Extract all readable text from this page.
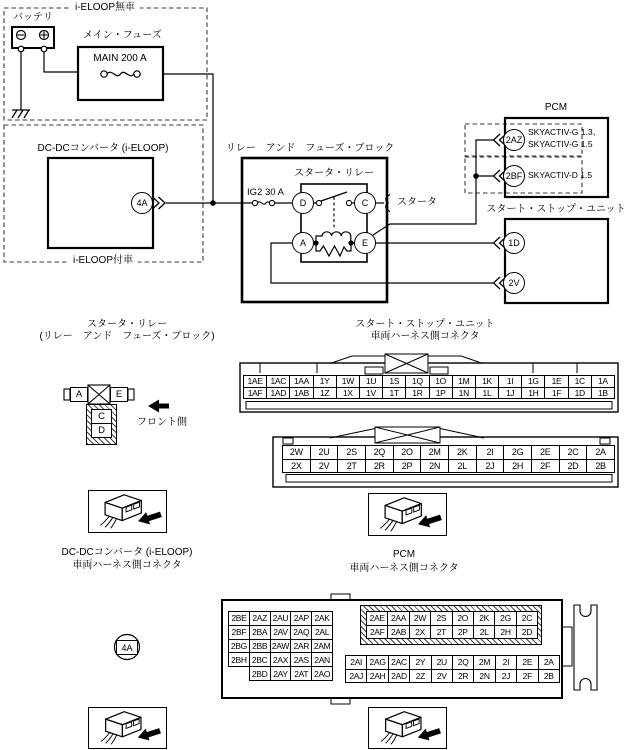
i-ELOOP無車
バッテリ
メイン・フューズ
MAIN 200 A
DC-DCコンバータ (i-ELOOP)
i-ELOOP付車
リレー　アンド　フューズ・ブロック
スタータ・リレー
IG2 30 A
スタータ
PCM
SKYACTIV-G 1.3、
SKYACTIV-G 1.5
SKYACTIV-D 1.5
スタート・ストップ・ユニット
4A	D	C
A	E
2AZ
2BF
1D
2V
スタータ・リレー
(リレー　アンド　フューズ・ブロック)
スタート・ストップ・ユニット
車両ハーネス側コネクタ
A	E
C
D
フロント側
1AE 1AC 1AA	1Y	1W	1U	1S	1Q	1O	1M	1K	1I	1G	1E	1C	1A
1AF 1AD 1AB	1Z	1X	1V	1T	1R	1P	1N	1L	1J	1H	1F	1D	1B
2W	2U	2S	2Q	2O	2M	2K	2I	2G	2E	2C	2A
2X	2V	2T	2R	2P	2N	2L	2J	2H	2F	2D	2B
DC-DCコンバータ (i-ELOOP)
車両ハーネス側コネクタ
PCM
車両ハーネス側コネクタ
4A
2BE 2AZ 2AU 2AP 2AK
2BF 2BA 2AV 2AQ 2AL
2BG 2BB 2AW 2AR 2AM
2BH 2BC 2AX 2AS 2AN
2BD 2AY 2AT 2AO
2AE 2AA 2W	2S	2O	2K	2G	2C
2AF 2AB	2X	2T	2P	2L	2H	2D
2AI 2AG 2AC	2Y	2U	2Q	2M	2I	2E	2A
2AJ 2AH 2AD	2Z	2V	2R	2N	2J	2F	2B
